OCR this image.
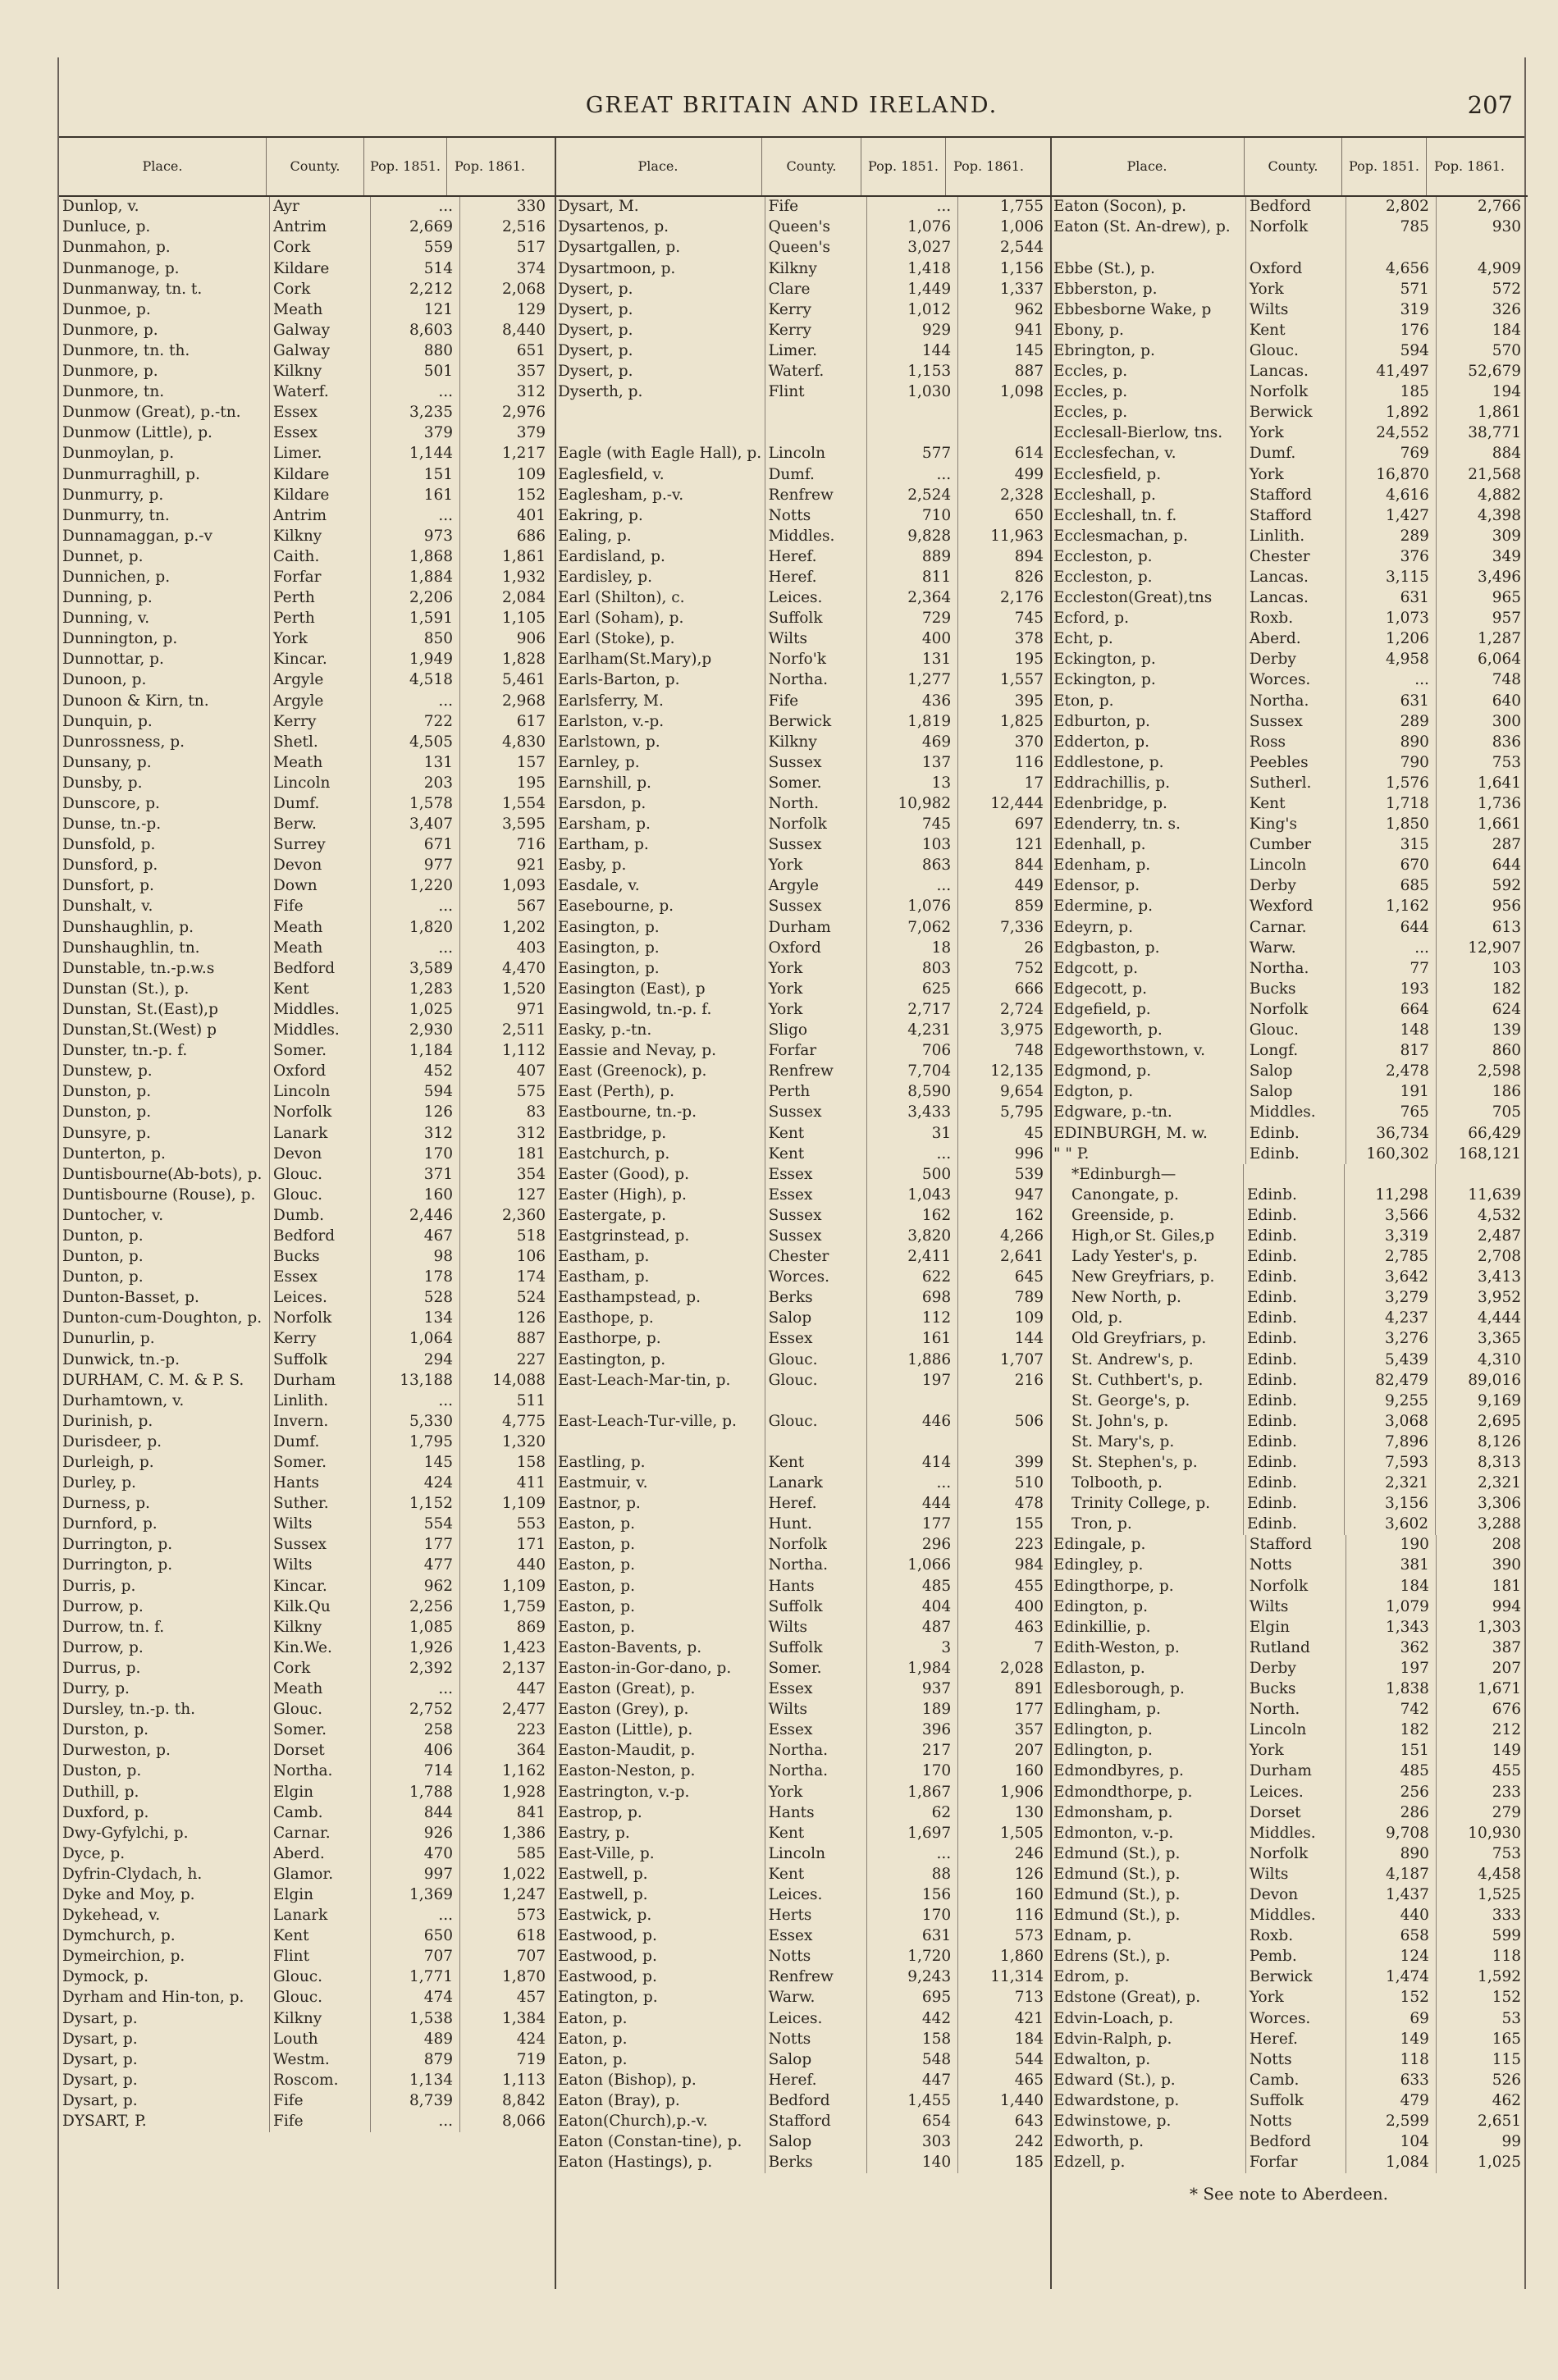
GREAT BRITAIN AND IRELAND.	207
Place.	County.	Pop. 1851.	Pop. 1861.
Dunlop, v.	Ayr	...	330
Dunluce, p.	Antrim	2,669	2,516
Dunmahon, p.	Cork	559	517
Dunmanoge, p.	Kildare	514	374
Dunmanway, tn. t.	Cork	2,212	2,068
Dunmoe, p.	Meath	121	129
Dunmore, p.	Galway	8,603	8,440
Dunmore, tn. th.	Galway	880	651
Dunmore, p.	Kilkny	501	357
Dunmore, tn.	Waterf.	...	312
Dunmow (Great), p.-tn.	Essex	3,235	2,976
Dunmow (Little), p.	Essex	379	379
Dunmoylan, p.	Limer.	1,144	1,217
Dunmurraghill, p.	Kildare	151	109
Dunmurry, p.	Kildare	161	152
Dunmurry, tn.	Antrim	...	401
Dunnamaggan, p.-v	Kilkny	973	686
Dunnet, p.	Caith.	1,868	1,861
Dunnichen, p.	Forfar	1,884	1,932
Dunning, p.	Perth	2,206	2,084
Dunning, v.	Perth	1,591	1,105
Dunnington, p.	York	850	906
Dunnottar, p.	Kincar.	1,949	1,828
Dunoon, p.	Argyle	4,518	5,461
Dunoon & Kirn, tn.	Argyle	...	2,968
Dunquin, p.	Kerry	722	617
Dunrossness, p.	Shetl.	4,505	4,830
Dunsany, p.	Meath	131	157
Dunsby, p.	Lincoln	203	195
Dunscore, p.	Dumf.	1,578	1,554
Dunse, tn.-p.	Berw.	3,407	3,595
Dunsfold, p.	Surrey	671	716
Dunsford, p.	Devon	977	921
Dunsfort, p.	Down	1,220	1,093
Dunshalt, v.	Fife	...	567
Dunshaughlin, p.	Meath	1,820	1,202
Dunshaughlin, tn.	Meath	...	403
Dunstable, tn.-p.w.s	Bedford	3,589	4,470
Dunstan (St.), p.	Kent	1,283	1,520
Dunstan, St.(East),p	Middles.	1,025	971
Dunstan,St.(West) p	Middles.	2,930	2,511
Dunster, tn.-p. f.	Somer.	1,184	1,112
Dunstew, p.	Oxford	452	407
Dunston, p.	Lincoln	594	575
Dunston, p.	Norfolk	126	83
Dunsyre, p.	Lanark	312	312
Dunterton, p.	Devon	170	181
Duntisbourne(Ab-bots), p. Glouc.	371	354
Duntisbourne (Rouse), p.	Glouc.	160	127
Duntocher, v.	Dumb.	2,446	2,360
Dunton, p.	Bedford	467	518
Dunton, p.	Bucks	98	106
Dunton, p.	Essex	178	174
Dunton-Basset, p.	Leices.	528	524
Dunton-cum-Doughton, p. Norfolk	134	126
Dunurlin, p.	Kerry	1,064	887
Dunwick, tn.-p.	Suffolk	294	227
DURHAM, C. M. & P. S.	Durham	13,188	14,088
Durhamtown, v.	Linlith.	...	511
Durinish, p.	Invern.	5,330	4,775
Durisdeer, p.	Dumf.	1,795	1,320
Durleigh, p.	Somer.	145	158
Durley, p.	Hants	424	411
Durness, p.	Suther.	1,152	1,109
Durnford, p.	Wilts	554	553
Durrington, p.	Sussex	177	171
Durrington, p.	Wilts	477	440
Durris, p.	Kincar.	962	1,109
Durrow, p.	Kilk.Qu	2,256	1,759
Durrow, tn. f.	Kilkny	1,085	869
Durrow, p.	Kin.We.	1,926	1,423
Durrus, p.	Cork	2,392	2,137
Durry, p.	Meath	...	447
Dursley, tn.-p. th.	Glouc.	2,752	2,477
Durston, p.	Somer.	258	223
Durweston, p.	Dorset	406	364
Duston, p.	Northa.	714	1,162
Duthill, p.	Elgin	1,788	1,928
Duxford, p.	Camb.	844	841
Dwy-Gyfylchi, p.	Carnar.	926	1,386
Dyce, p.	Aberd.	470	585
Dyfrin-Clydach, h.	Glamor.	997	1,022
Dyke and Moy, p.	Elgin	1,369	1,247
Dykehead, v.	Lanark	...	573
Dymchurch, p.	Kent	650	618
Dymeirchion, p.	Flint	707	707
Dymock, p.	Glouc.	1,771	1,870
Dyrham and Hin-ton, p.	Glouc.	474	457
Dysart, p.	Kilkny	1,538	1,384
Dysart, p.	Louth	489	424
Dysart, p.	Westm.	879	719
Dysart, p.	Roscom.	1,134	1,113
Dysart, p.	Fife	8,739	8,842
DYSART, P.	Fife	...	8,066
Place.	County.	Pop. 1851.	Pop. 1861.
Dysart, M.	Fife	...	1,755
Dysartenos, p.	Queen's	1,076	1,006
Dysartgallen, p.	Queen's	3,027	2,544
Dysartmoon, p.	Kilkny	1,418	1,156
Dysert, p.	Clare	1,449	1,337
Dysert, p.	Kerry	1,012	962
Dysert, p.	Kerry	929	941
Dysert, p.	Limer.	144	145
Dysert, p.	Waterf.	1,153	887
Dyserth, p.	Flint	1,030	1,098
Eagle (with Eagle Hall), p. Lincoln	577	614
Eaglesfield, v.	Dumf.	...	499
Eaglesham, p.-v.	Renfrew	2,524	2,328
Eakring, p.	Notts	710	650
Ealing, p.	Middles.	9,828	11,963
Eardisland, p.	Heref.	889	894
Eardisley, p.	Heref.	811	826
Earl (Shilton), c.	Leices.	2,364	2,176
Earl (Soham), p.	Suffolk	729	745
Earl (Stoke), p.	Wilts	400	378
Earlham(St.Mary),p	Norfo'k	131	195
Earls-Barton, p.	Northa.	1,277	1,557
Earlsferry, M.	Fife	436	395
Earlston, v.-p.	Berwick	1,819	1,825
Earlstown, p.	Kilkny	469	370
Earnley, p.	Sussex	137	116
Earnshill, p.	Somer.	13	17
Earsdon, p.	North.	10,982	12,444
Earsham, p.	Norfolk	745	697
Eartham, p.	Sussex	103	121
Easby, p.	York	863	844
Easdale, v.	Argyle	...	449
Easebourne, p.	Sussex	1,076	859
Easington, p.	Durham	7,062	7,336
Easington, p.	Oxford	18	26
Easington, p.	York	803	752
Easington (East), p	York	625	666
Easingwold, tn.-p. f.	York	2,717	2,724
Easky, p.-tn.	Sligo	4,231	3,975
Eassie and Nevay, p.	Forfar	706	748
East (Greenock), p.	Renfrew	7,704	12,135
East (Perth), p.	Perth	8,590	9,654
Eastbourne, tn.-p.	Sussex	3,433	5,795
Eastbridge, p.	Kent	31	45
Eastchurch, p.	Kent	...	996
Easter (Good), p.	Essex	500	539
Easter (High), p.	Essex	1,043	947
Eastergate, p.	Sussex	162	162
Eastgrinstead, p.	Sussex	3,820	4,266
Eastham, p.	Chester	2,411	2,641
Eastham, p.	Worces.	622	645
Easthampstead, p.	Berks	698	789
Easthope, p.	Salop	112	109
Easthorpe, p.	Essex	161	144
Eastington, p.	Glouc.	1,886	1,707
East-Leach-Mar-tin, p.	Glouc.	197	216
East-Leach-Tur-ville, p.	Glouc.	446	506
Eastling, p.	Kent	414	399
Eastmuir, v.	Lanark	...	510
Eastnor, p.	Heref.	444	478
Easton, p.	Hunt.	177	155
Easton, p.	Norfolk	296	223
Easton, p.	Northa.	1,066	984
Easton, p.	Hants	485	455
Easton, p.	Suffolk	404	400
Easton, p.	Wilts	487	463
Easton-Bavents, p.	Suffolk	3	7
Easton-in-Gor-dano, p.	Somer.	1,984	2,028
Easton (Great), p.	Essex	937	891
Easton (Grey), p.	Wilts	189	177
Easton (Little), p.	Essex	396	357
Easton-Maudit, p.	Northa.	217	207
Easton-Neston, p.	Northa.	170	160
Eastrington, v.-p.	York	1,867	1,906
Eastrop, p.	Hants	62	130
Eastry, p.	Kent	1,697	1,505
East-Ville, p.	Lincoln	...	246
Eastwell, p.	Kent	88	126
Eastwell, p.	Leices.	156	160
Eastwick, p.	Herts	170	116
Eastwood, p.	Essex	631	573
Eastwood, p.	Notts	1,720	1,860
Eastwood, p.	Renfrew	9,243	11,314
Eatington, p.	Warw.	695	713
Eaton, p.	Leices.	442	421
Eaton, p.	Notts	158	184
Eaton, p.	Salop	548	544
Eaton (Bishop), p.	Heref.	447	465
Eaton (Bray), p.	Bedford	1,455	1,440
Eaton(Church),p.-v.	Stafford	654	643
Eaton (Constan-tine), p.	Salop	303	242
Eaton (Hastings), p.	Berks	140	185
Place.	County.	Pop. 1851.	Pop. 1861.
Eaton (Socon), p.	Bedford	2,802	2,766
Eaton (St. An-drew), p.	Norfolk	785	930
Ebbe (St.), p.	Oxford	4,656	4,909
Ebberston, p.	York	571	572
Ebbesborne Wake, p	Wilts	319	326
Ebony, p.	Kent	176	184
Ebrington, p.	Glouc.	594	570
Eccles, p.	Lancas.	41,497	52,679
Eccles, p.	Norfolk	185	194
Eccles, p.	Berwick	1,892	1,861
Ecclesall-Bierlow, tns.	York	24,552	38,771
Ecclesfechan, v.	Dumf.	769	884
Ecclesfield, p.	York	16,870	21,568
Eccleshall, p.	Stafford	4,616	4,882
Eccleshall, tn. f.	Stafford	1,427	4,398
Ecclesmachan, p.	Linlith.	289	309
Eccleston, p.	Chester	376	349
Eccleston, p.	Lancas.	3,115	3,496
Eccleston(Great),tns	Lancas.	631	965
Ecford, p.	Roxb.	1,073	957
Echt, p.	Aberd.	1,206	1,287
Eckington, p.	Derby	4,958	6,064
Eckington, p.	Worces.	...	748
Eton, p.	Northa.	631	640
Edburton, p.	Sussex	289	300
Edderton, p.	Ross	890	836
Eddlestone, p.	Peebles	790	753
Eddrachillis, p.	Sutherl.	1,576	1,641
Edenbridge, p.	Kent	1,718	1,736
Edenderry, tn. s.	King's	1,850	1,661
Edenhall, p.	Cumber	315	287
Edenham, p.	Lincoln	670	644
Edensor, p.	Derby	685	592
Edermine, p.	Wexford	1,162	956
Edeyrn, p.	Carnar.	644	613
Edgbaston, p.	Warw.	...	12,907
Edgcott, p.	Northa.	77	103
Edgecott, p.	Bucks	193	182
Edgefield, p.	Norfolk	664	624
Edgeworth, p.	Glouc.	148	139
Edgeworthstown, v.	Longf.	817	860
Edgmond, p.	Salop	2,478	2,598
Edgton, p.	Salop	191	186
Edgware, p.-tn.	Middles.	765	705
EDINBURGH, M. w.	Edinb.	36,734	66,429
" " P.	Edinb.	160,302	168,121
*Edinburgh—
Canongate, p.	Edinb.	11,298	11,639
Greenside, p.	Edinb.	3,566	4,532
High,or St. Giles,p	Edinb.	3,319	2,487
Lady Yester's, p.	Edinb.	2,785	2,708
New Greyfriars, p.	Edinb.	3,642	3,413
New North, p.	Edinb.	3,279	3,952
Old, p.	Edinb.	4,237	4,444
Old Greyfriars, p.	Edinb.	3,276	3,365
St. Andrew's, p.	Edinb.	5,439	4,310
St. Cuthbert's, p.	Edinb.	82,479	89,016
St. George's, p.	Edinb.	9,255	9,169
St. John's, p.	Edinb.	3,068	2,695
St. Mary's, p.	Edinb.	7,896	8,126
St. Stephen's, p.	Edinb.	7,593	8,313
Tolbooth, p.	Edinb.	2,321	2,321
Trinity College, p.	Edinb.	3,156	3,306
Tron, p.	Edinb.	3,602	3,288
Edingale, p.	Stafford	190	208
Edingley, p.	Notts	381	390
Edingthorpe, p.	Norfolk	184	181
Edington, p.	Wilts	1,079	994
Edinkillie, p.	Elgin	1,343	1,303
Edith-Weston, p.	Rutland	362	387
Edlaston, p.	Derby	197	207
Edlesborough, p.	Bucks	1,838	1,671
Edlingham, p.	North.	742	676
Edlington, p.	Lincoln	182	212
Edlington, p.	York	151	149
Edmondbyres, p.	Durham	485	455
Edmondthorpe, p.	Leices.	256	233
Edmonsham, p.	Dorset	286	279
Edmonton, v.-p.	Middles.	9,708	10,930
Edmund (St.), p.	Norfolk	890	753
Edmund (St.), p.	Wilts	4,187	4,458
Edmund (St.), p.	Devon	1,437	1,525
Edmund (St.), p.	Middles.	440	333
Ednam, p.	Roxb.	658	599
Edrens (St.), p.	Pemb.	124	118
Edrom, p.	Berwick	1,474	1,592
Edstone (Great), p.	York	152	152
Edvin-Loach, p.	Worces.	69	53
Edvin-Ralph, p.	Heref.	149	165
Edwalton, p.	Notts	118	115
Edward (St.), p.	Camb.	633	526
Edwardstone, p.	Suffolk	479	462
Edwinstowe, p.	Notts	2,599	2,651
Edworth, p.	Bedford	104	99
Edzell, p.	Forfar	1,084	1,025
* See note to Aberdeen.
